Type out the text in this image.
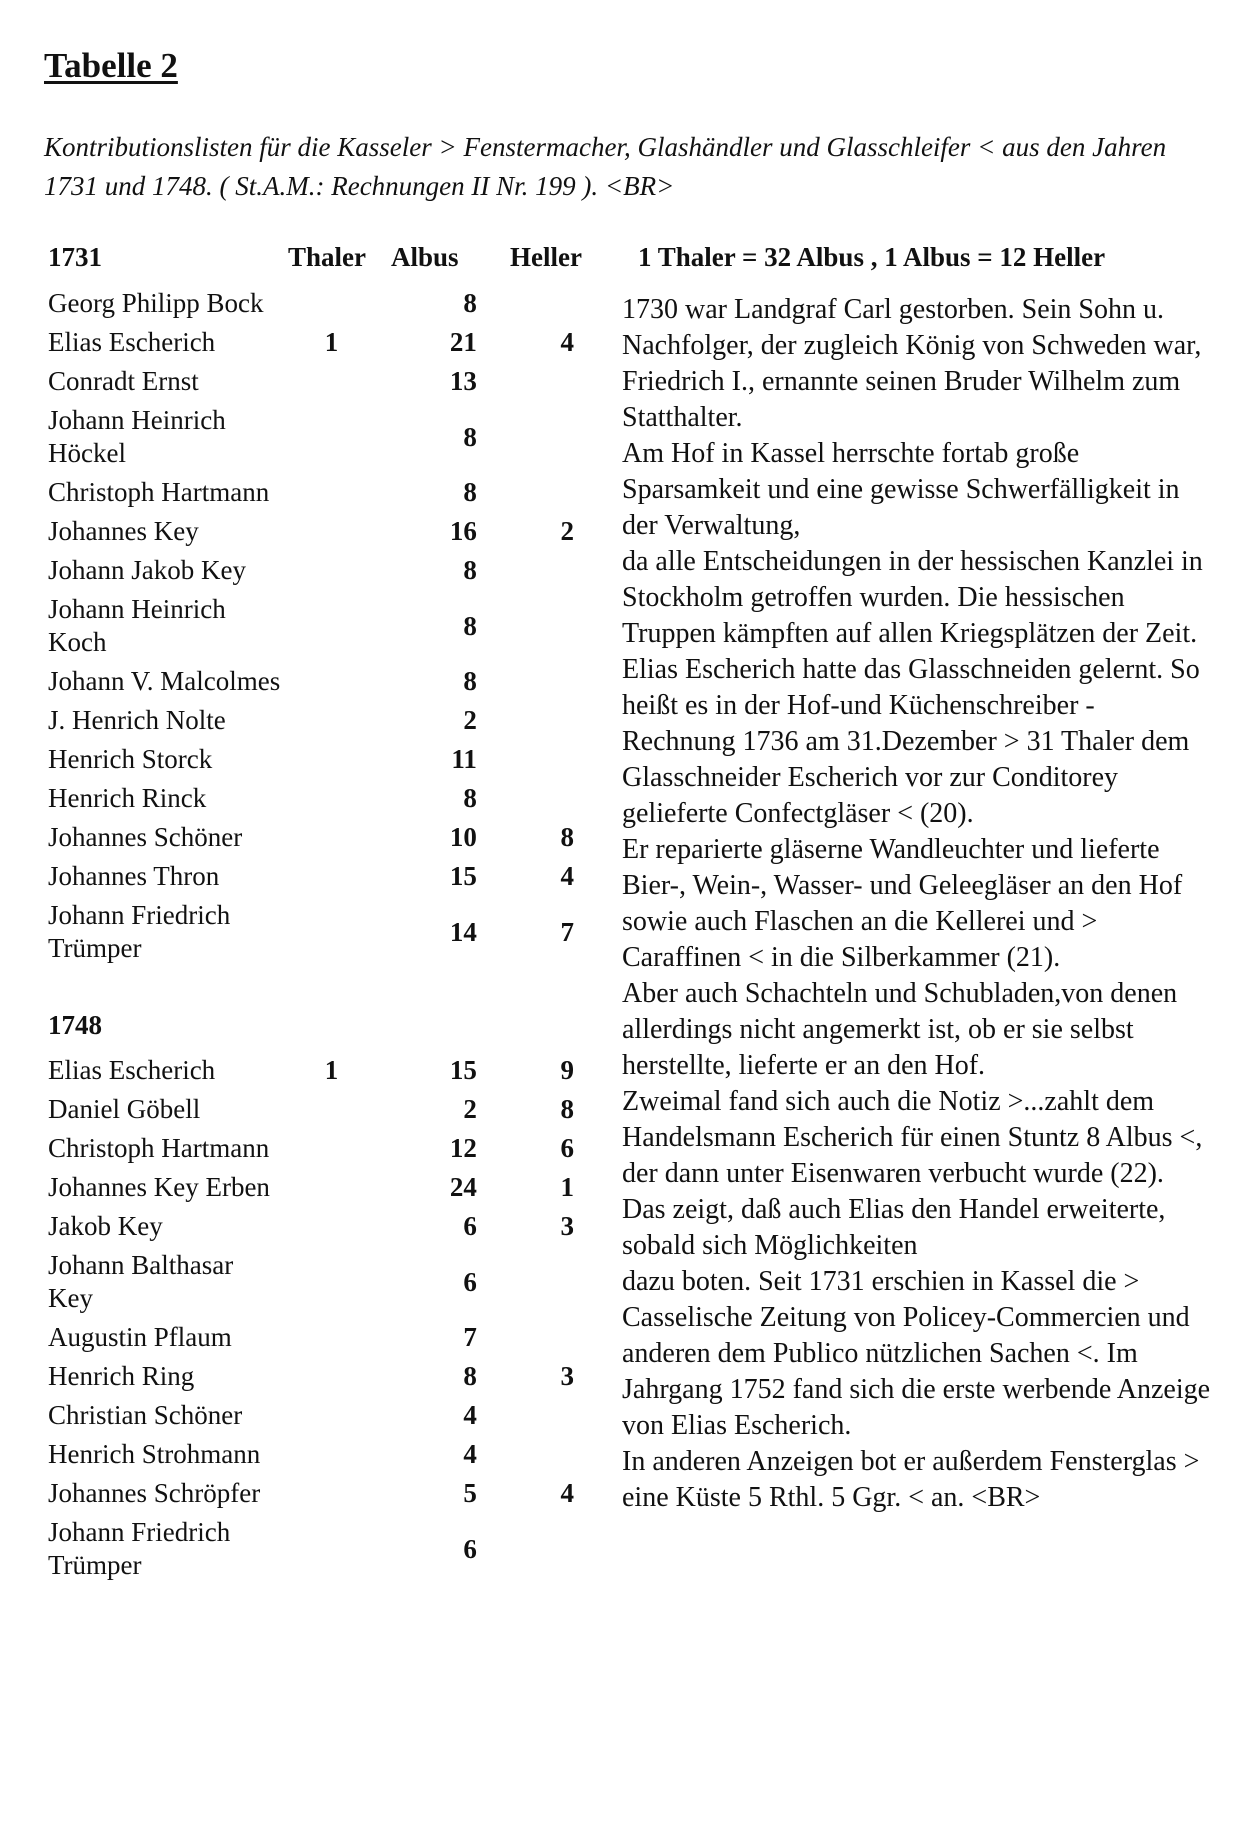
Tabelle 2

Kontributionslisten für die Kasseler > Fenstermacher, Glashändler und Glasschleifer < aus den Jahren 1731 und 1748. ( St.A.M.: Rechnungen II Nr. 199 ). <BR>

1731	Thaler Albus Heller 1 Thaler = 32 Albus , 1 Albus = 12 Heller
Georg Philipp Bock		8	
Elias Escherich	1	21	4
Conradt Ernst		13	
Johann Heinrich Höckel		8	
Christoph Hartmann		8	
Johannes Key		16	2
Johann Jakob Key		8	
Johann Heinrich Koch		8	
Johann V. Malcolmes		8	
J. Henrich Nolte		2	
Henrich Storck		11	
Henrich Rinck		8	
Johannes Schöner		10	8
Johannes Thron		15	4
Johann Friedrich Trümper		14	7
1748
Elias Escherich	1	15	9
Daniel Göbell		2	8
Christoph Hartmann		12	6
Johannes Key Erben		24	1
Jakob Key		6	3
Johann Balthasar Key		6	
Augustin Pflaum		7	
Henrich Ring		8	3
Christian Schöner		4	
Henrich Strohmann		4	
Johannes Schröpfer		5	4
Johann Friedrich Trümper		6	

1730 war Landgraf Carl gestorben. Sein Sohn u. Nachfolger, der zugleich König von Schweden war, Friedrich I., ernannte seinen Bruder Wilhelm zum Statthalter.

Am Hof in Kassel herrschte fortab große Sparsamkeit und eine gewisse Schwerfälligkeit in der Verwaltung,

da alle Entscheidungen in der hessischen Kanzlei in Stockholm getroffen wurden. Die hessischen Truppen kämpften auf allen Kriegsplätzen der Zeit.

Elias Escherich hatte das Glasschneiden gelernt. So heißt es in der Hof-und Küchenschreiber - Rechnung 1736 am 31.Dezember > 31 Thaler dem Glasschneider Escherich vor zur Conditorey gelieferte Confectgläser < (20).

Er reparierte gläserne Wandleuchter und lieferte Bier-, Wein-, Wasser- und Geleegläser an den Hof sowie auch Flaschen an die Kellerei und > Caraffinen < in die Silberkammer (21).

Aber auch Schachteln und Schubladen,von denen allerdings nicht angemerkt ist, ob er sie selbst herstellte, lieferte er an den Hof.

Zweimal fand sich auch die Notiz >...zahlt dem Handelsmann Escherich für einen Stuntz 8 Albus <, der dann unter Eisenwaren verbucht wurde (22).

Das zeigt, daß auch Elias den Handel erweiterte, sobald sich Möglichkeiten

dazu boten. Seit 1731 erschien in Kassel die > Casselische Zeitung von Policey-Commercien und anderen dem Publico nützlichen Sachen <. Im Jahrgang 1752 fand sich die erste werbende Anzeige von Elias Escherich.

In anderen Anzeigen bot er außerdem Fensterglas > eine Küste 5 Rthl. 5 Ggr. < an. <BR>
